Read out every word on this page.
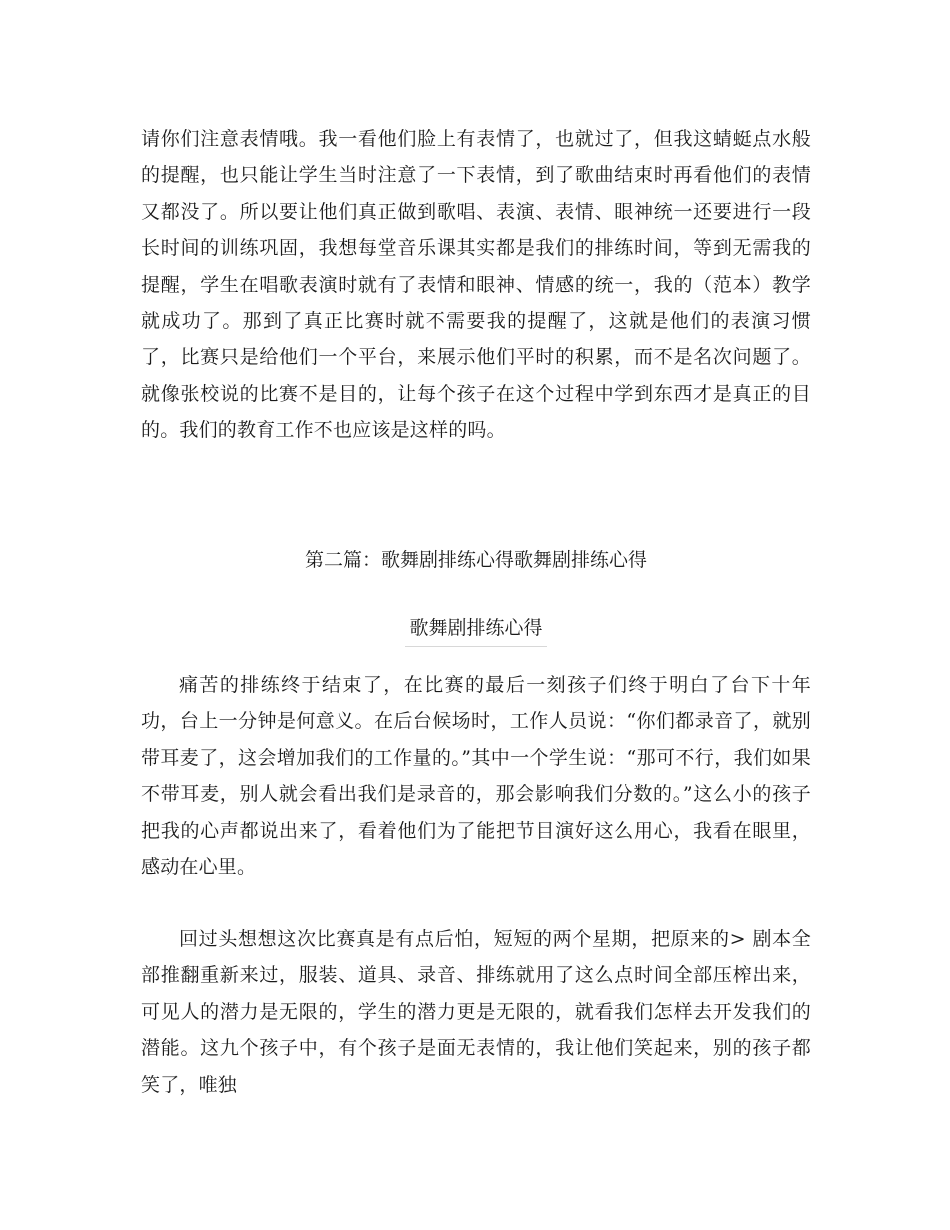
请你们注意表情哦。我一看他们脸上有表情了，也就过了，但我这蜻蜓点水般的提醒，也只能让学生当时注意了一下表情，到了歌曲结束时再看他们的表情又都没了。所以要让他们真正做到歌唱、表演、表情、眼神统一还要进行一段长时间的训练巩固，我想每堂音乐课其实都是我们的排练时间，等到无需我的提醒，学生在唱歌表演时就有了表情和眼神、情感的统一，我的（范本）教学就成功了。那到了真正比赛时就不需要我的提醒了，这就是他们的表演习惯了，比赛只是给他们一个平台，来展示他们平时的积累，而不是名次问题了。就像张校说的比赛不是目的，让每个孩子在这个过程中学到东西才是真正的目的。我们的教育工作不也应该是这样的吗。

第二篇：歌舞剧排练心得歌舞剧排练心得

歌舞剧排练心得

痛苦的排练终于结束了，在比赛的最后一刻孩子们终于明白了台下十年功，台上一分钟是何意义。在后台候场时，工作人员说：“你们都录音了，就别带耳麦了，这会增加我们的工作量的。”其中一个学生说：“那可不行，我们如果不带耳麦，别人就会看出我们是录音的，那会影响我们分数的。”这么小的孩子把我的心声都说出来了，看着他们为了能把节目演好这么用心，我看在眼里，感动在心里。

回过头想想这次比赛真是有点后怕，短短的两个星期，把原来的> 剧本全部推翻重新来过，服装、道具、录音、排练就用了这么点时间全部压榨出来，可见人的潜力是无限的，学生的潜力更是无限的，就看我们怎样去开发我们的潜能。这九个孩子中，有个孩子是面无表情的，我让他们笑起来，别的孩子都笑了，唯独
